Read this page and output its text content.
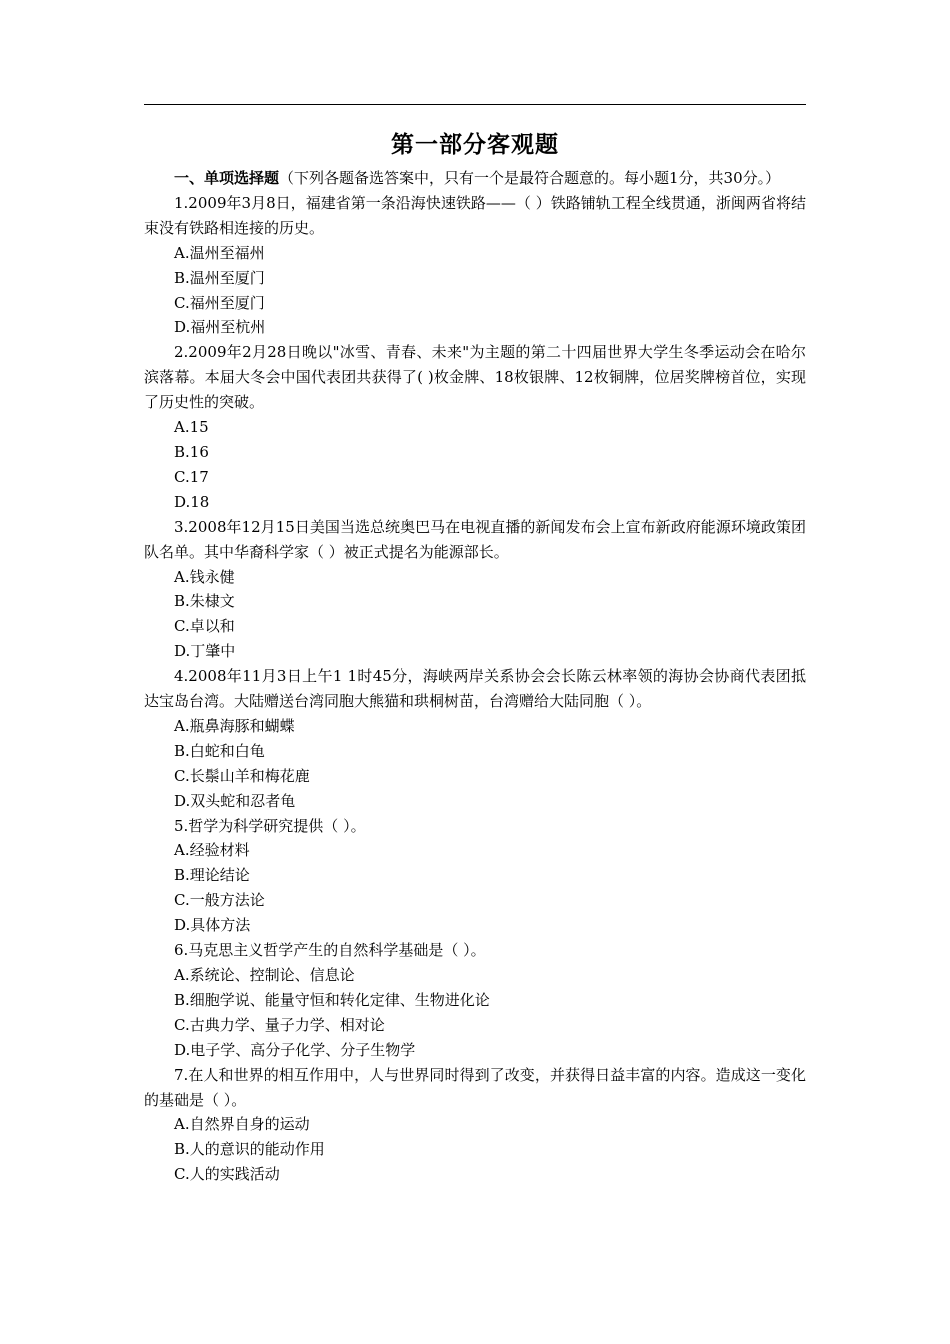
第一部分客观题

一、单项选择题（下列各题备选答案中，只有一个是最符合题意的。每小题1分，共30分。）

1.2009年3月8日，福建省第一条沿海快速铁路——（ ）铁路铺轨工程全线贯通，浙闽两省将结束没有铁路相连接的历史。

A.温州至福州

B.温州至厦门

C.福州至厦门

D.福州至杭州

2.2009年2月28日晚以"冰雪、青春、未来"为主题的第二十四届世界大学生冬季运动会在哈尔滨落幕。本届大冬会中国代表团共获得了( )枚金牌、18枚银牌、12枚铜牌，位居奖牌榜首位，实现了历史性的突破。

A.15

B.16

C.17

D.18

3.2008年12月15日美国当选总统奥巴马在电视直播的新闻发布会上宣布新政府能源环境政策团队名单。其中华裔科学家（ ）被正式提名为能源部长。

A.钱永健

B.朱棣文

C.卓以和

D.丁肇中

4.2008年11月3日上午1 1时45分，海峡两岸关系协会会长陈云林率领的海协会协商代表团抵达宝岛台湾。大陆赠送台湾同胞大熊猫和珙桐树苗，台湾赠给大陆同胞（ ）。

A.瓶鼻海豚和蝴蝶

B.白蛇和白龟

C.长鬃山羊和梅花鹿

D.双头蛇和忍者龟

5.哲学为科学研究提供（ ）。

A.经验材料

B.理论结论

C.一般方法论

D.具体方法

6.马克思主义哲学产生的自然科学基础是（ ）。

A.系统论、控制论、信息论

B.细胞学说、能量守恒和转化定律、生物进化论

C.古典力学、量子力学、相对论

D.电子学、高分子化学、分子生物学

7.在人和世界的相互作用中，人与世界同时得到了改变，并获得日益丰富的内容。造成这一变化的基础是（ ）。

A.自然界自身的运动

B.人的意识的能动作用

C.人的实践活动
